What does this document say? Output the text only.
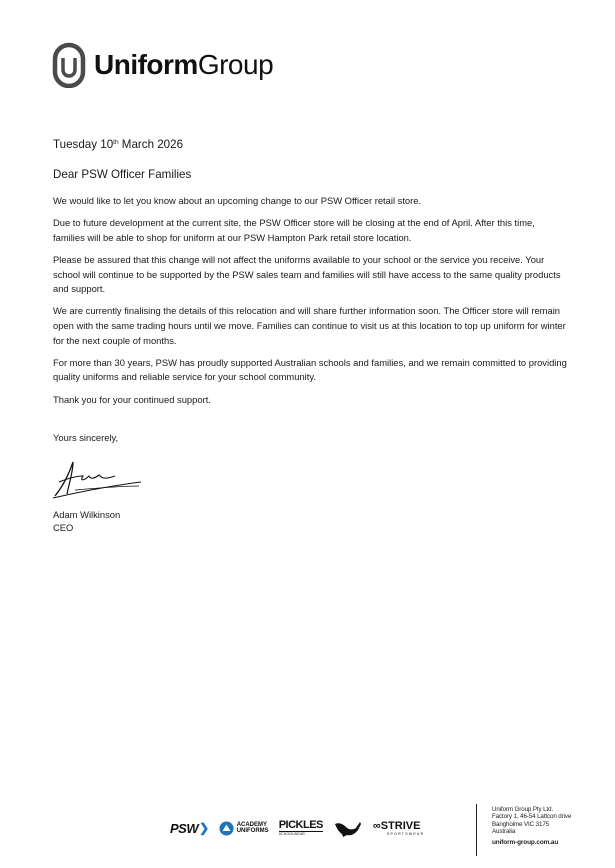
UniformGroup

Tuesday 10th March 2026

Dear PSW Officer Families

We would like to let you know about an upcoming change to our PSW Officer retail store.

Due to future development at the current site, the PSW Officer store will be closing at the end of April. After this time, families will be able to shop for uniform at our PSW Hampton Park retail store location.

Please be assured that this change will not affect the uniforms available to your school or the service you receive. Your school will continue to be supported by the PSW sales team and families will still have access to the same quality products and support.

We are currently finalising the details of this relocation and will share further information soon. The Officer store will remain open with the same trading hours until we move. Families can continue to visit us at this location to top up uniform for winter for the next couple of months.

For more than 30 years, PSW has proudly supported Australian schools and families, and we remain committed to providing quality uniforms and reliable service for your school community.

Thank you for your continued support.

Yours sincerely,

Adam Wilkinson

CEO

PSW ❯	ACADEMY
UNIFORMS PICKLES
SCHOOLWEAR
∞STRIVE
SPORTSWEAR
Uniform Group Pty Ltd.
Factory 1, 46-54 Lattcon drive
Bangholme VIC 3175
Australia
uniform-group.com.au
